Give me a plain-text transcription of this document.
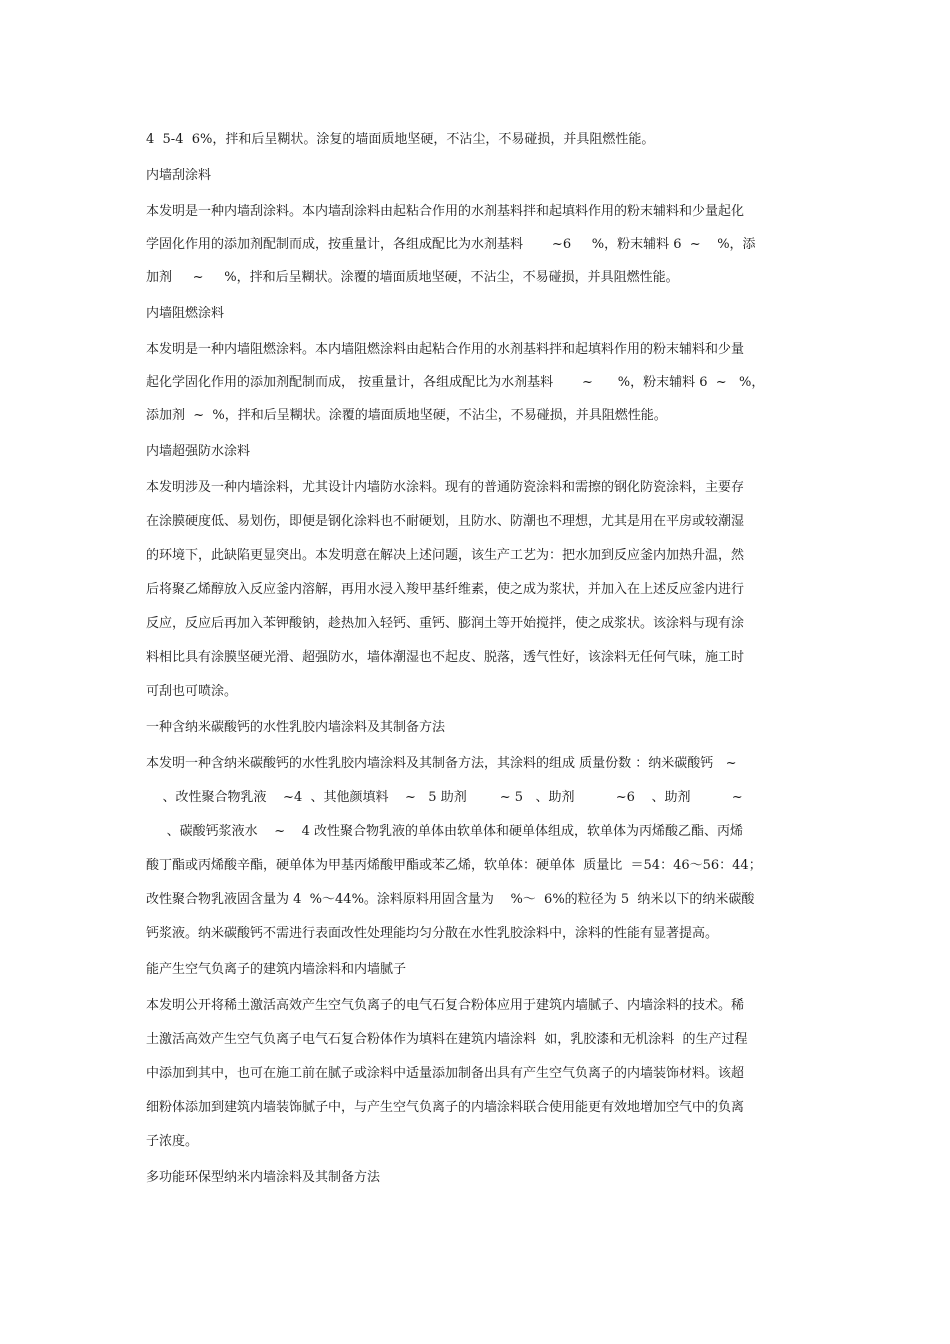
4  5-4  6%，拌和后呈糊状。涂复的墙面质地坚硬，不沾尘，不易碰损，并具阻燃性能。

内墙刮涂料

本发明是一种内墙刮涂料。本内墙刮涂料由起粘合作用的水剂基料拌和起填料作用的粉末辅料和少量起化

学固化作用的添加剂配制而成，按重量计，各组成配比为水剂基料       ~6     %，粉末辅料 6  ~    %，添

加剂     ~     %，拌和后呈糊状。涂覆的墙面质地坚硬，不沾尘，不易碰损，并具阻燃性能。

内墙阻燃涂料

本发明是一种内墙阻燃涂料。本内墙阻燃涂料由起粘合作用的水剂基料拌和起填料作用的粉末辅料和少量

起化学固化作用的添加剂配制而成， 按重量计，各组成配比为水剂基料       ~      %，粉末辅料 6  ~   %，

添加剂  ~  %，拌和后呈糊状。涂覆的墙面质地坚硬，不沾尘，不易碰损，并具阻燃性能。

内墙超强防水涂料

本发明涉及一种内墙涂料，尤其设计内墙防水涂料。现有的普通防瓷涂料和需擦的钢化防瓷涂料，主要存

在涂膜硬度低、易划伤，即便是钢化涂料也不耐硬划，且防水、防潮也不理想，尤其是用在平房或较潮湿

的环境下，此缺陷更显突出。本发明意在解决上述问题，该生产工艺为：把水加到反应釜内加热升温，然

后将聚乙烯醇放入反应釜内溶解，再用水浸入羧甲基纤维素，使之成为浆状，并加入在上述反应釜内进行

反应，反应后再加入苯钾酸钠，趁热加入轻钙、重钙、膨润土等开始搅拌，使之成浆状。该涂料与现有涂

料相比具有涂膜坚硬光滑、超强防水，墙体潮湿也不起皮、脱落，透气性好，该涂料无任何气味，施工时

可刮也可喷涂。

一种含纳米碳酸钙的水性乳胶内墙涂料及其制备方法

本发明一种含纳米碳酸钙的水性乳胶内墙涂料及其制备方法，其涂料的组成 质量份数 ：纳米碳酸钙   ~

、改性聚合物乳液    ~4  、其他颜填料    ~   5 助剂        ~ 5   、助剂          ~6    、助剂          ~

、碳酸钙浆液水    ~    4 改性聚合物乳液的单体由软单体和硬单体组成，软单体为丙烯酸乙酯、丙烯

酸丁酯或丙烯酸辛酯，硬单体为甲基丙烯酸甲酯或苯乙烯，软单体：硬单体  质量比  ＝54：46～56：44；

改性聚合物乳液固含量为 4  %～44%。涂料原料用固含量为    %～  6%的粒径为 5  纳米以下的纳米碳酸

钙浆液。纳米碳酸钙不需进行表面改性处理能均匀分散在水性乳胶涂料中，涂料的性能有显著提高。

能产生空气负离子的建筑内墙涂料和内墙腻子

本发明公开将稀土激活高效产生空气负离子的电气石复合粉体应用于建筑内墙腻子、内墙涂料的技术。稀

土激活高效产生空气负离子电气石复合粉体作为填料在建筑内墙涂料  如，乳胶漆和无机涂料  的生产过程

中添加到其中，也可在施工前在腻子或涂料中适量添加制备出具有产生空气负离子的内墙装饰材料。该超

细粉体添加到建筑内墙装饰腻子中，与产生空气负离子的内墙涂料联合使用能更有效地增加空气中的负离

子浓度。

多功能环保型纳米内墙涂料及其制备方法
